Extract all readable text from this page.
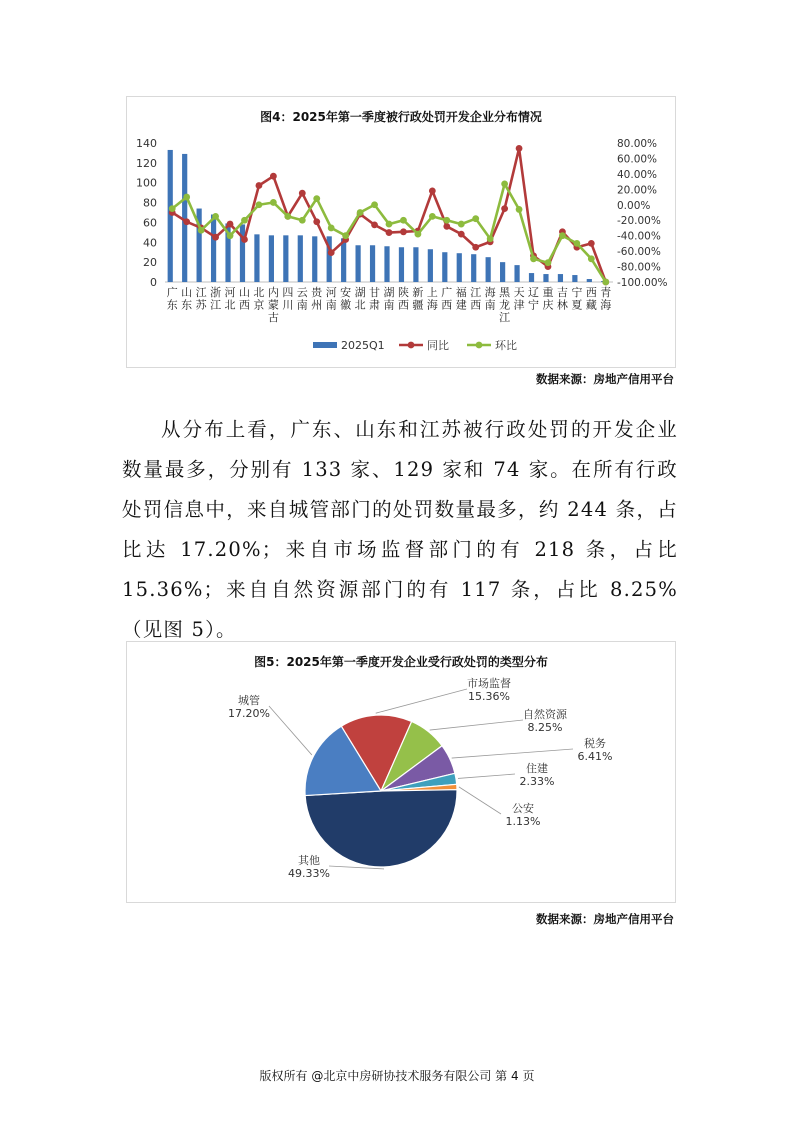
图4：2025年第一季度被行政处罚开发企业分布情况
0
20
40
60
80
100
120
140
-100.00%
-80.00%
-60.00%
-40.00%
-20.00%
0.00%
20.00%
40.00%
60.00%
80.00%
广东
山东
江苏
浙江
河北
山西
北京
内蒙古
四川
云南
贵州
河南
安徽
湖北
甘肃
湖南
陕西
新疆
上海
广西
福建
江西
海南
黑龙江
天津
辽宁
重庆
吉林
宁夏
西藏
青海
2025Q1	同比	环比
数据来源：房地产信用平台
从分布上看，广东、山东和江苏被行政处罚的开发企业数量最多，分别有 133 家、129 家和 74 家。在所有行政处罚信息中，来自城管部门的处罚数量最多，约 244 条，占比达 17.20%；来自市场监督部门的有 218 条，占比 15.36%；来自自然资源部门的有 117 条，占比 8.25% （见图 5）。
图5：2025年第一季度开发企业受行政处罚的类型分布
市场监督
15.36%
自然资源
8.25%
税务
6.41%
住建
2.33%
公安
1.13%
其他
49.33%
城管
17.20%
数据来源：房地产信用平台
版权所有 @北京中房研协技术服务有限公司 第 4 页
